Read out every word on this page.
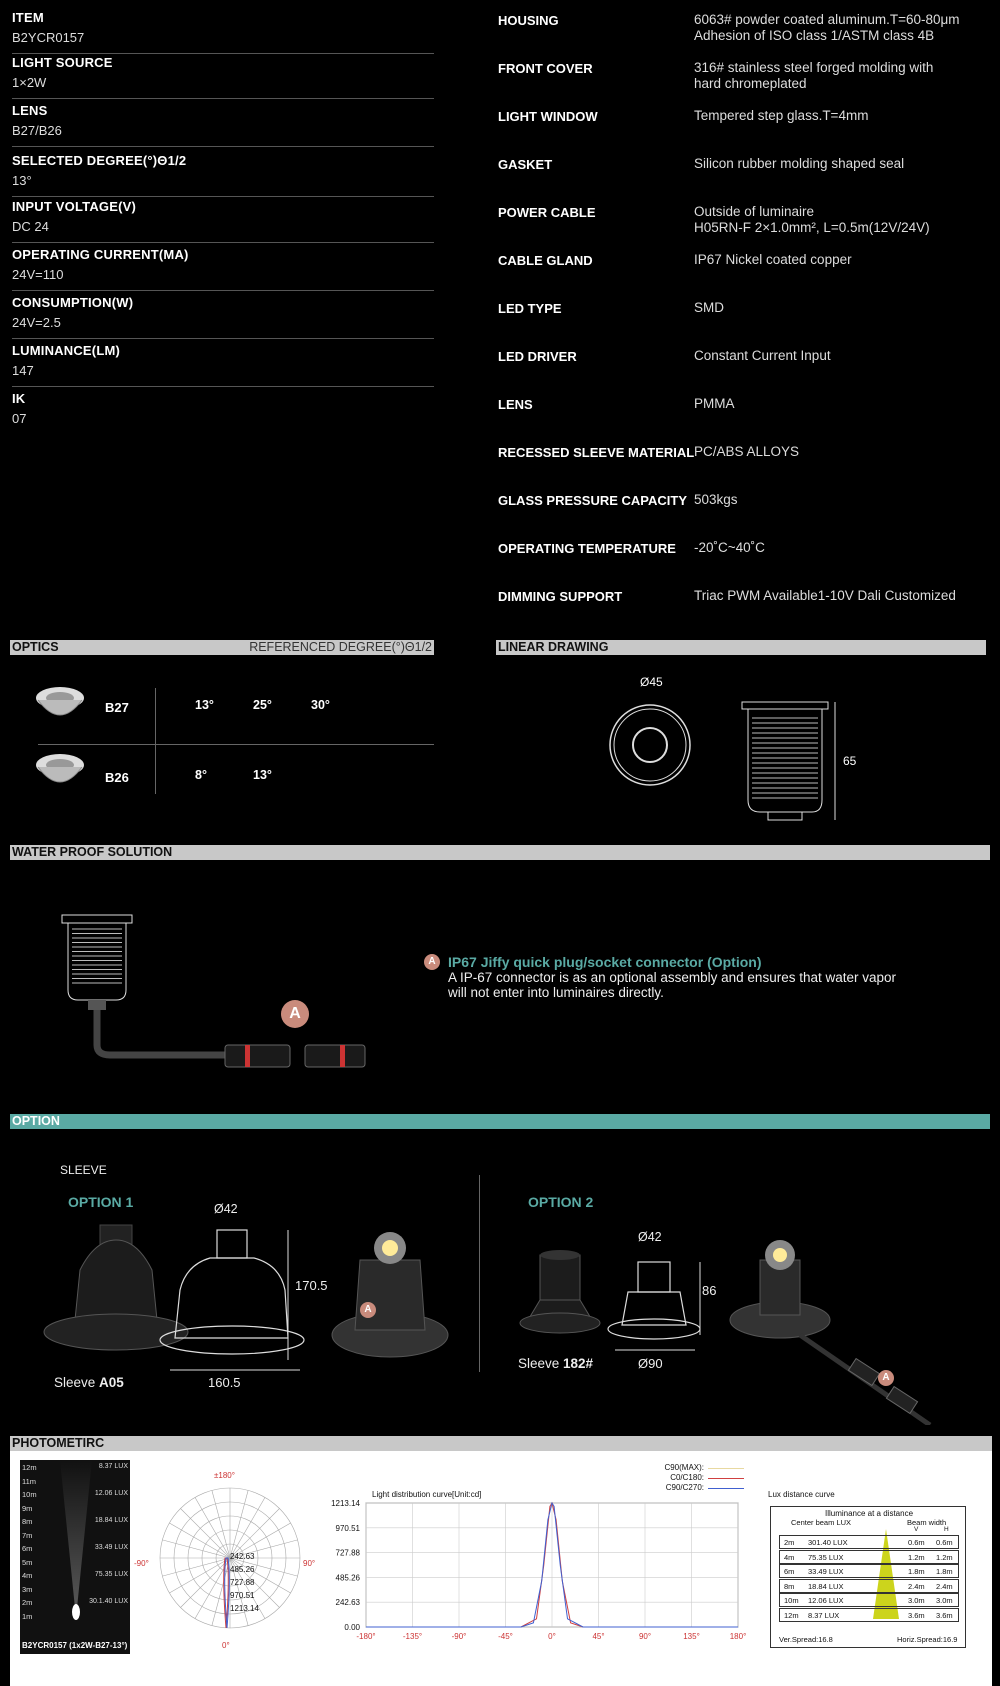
ITEM
B2YCR0157
LIGHT SOURCE
1×2W
LENS
B27/B26
SELECTED DEGREE(°)Θ1/2
13°
INPUT VOLTAGE(V)
DC 24
OPERATING CURRENT(MA)
24V=110
CONSUMPTION(W)
24V=2.5
LUMINANCE(LM)
147
IK
07
HOUSING	6063# powder coated aluminum.T=60-80μm
Adhesion of ISO class 1/ASTM class 4B
FRONT COVER	316# stainless steel forged molding with
hard chromeplated
LIGHT WINDOW	Tempered step glass.T=4mm
GASKET	Silicon rubber molding shaped seal
POWER CABLE	Outside of luminaire
H05RN-F 2×1.0mm², L=0.5m(12V/24V)
CABLE GLAND	IP67 Nickel coated copper
LED TYPE	SMD
LED DRIVER	Constant Current Input
LENS	PMMA
RECESSED SLEEVE MATERIAL PC/ABS ALLOYS
GLASS PRESSURE CAPACITY 503kgs
OPERATING TEMPERATURE -20˚C~40˚C
DIMMING SUPPORT	Triac PWM Available1-10V Dali Customized
OPTICS	REFERENCED DEGREE(°)Θ1/2
B27	13°	25°	30°
B26	8°	13°
LINEAR DRAWING
Ø45
65
WATER PROOF SOLUTION
A
A IP67 Jiffy quick plug/socket connector (Option)
A IP-67 connector is as an optional assembly and ensures that water vapor
will not enter into luminaires directly.
OPTION
SLEEVE
OPTION 1	OPTION 2
Ø42
170.5
160.5
Sleeve A05
A
Ø42
86
Ø90
Sleeve 182#
A
PHOTOMETIRC
12m
11m
10m
9m
8m
7m
6m
5m
4m
3m
2m
1m
8.37 LUX
12.06 LUX
18.84 LUX
33.49 LUX
75.35 LUX
30.1.40 LUX
B2YCR0157 (1x2W-B27-13°)
±180°
-90°	90°
0°
242.63
485.26
727.88
970.51
1213.14
Light distribution curve[Unit:cd]
C90(MAX):
C0/C180:
C90/C270:
-180°	-135°	-90°	-45°	0°	45°	90°	135°	180°
0.00
242.63
485.26
727.88
970.51
1213.14
Lux distance curve
Illuminance at a distance
Center beam LUX	Beam width
V	H
2m 301.40 LUX	0.6m 0.6m
4m 75.35 LUX	1.2m 1.2m
6m 33.49 LUX	1.8m 1.8m
8m 18.84 LUX	2.4m 2.4m
10m 12.06 LUX	3.0m 3.0m
12m 8.37 LUX	3.6m 3.6m
Ver.Spread:16.8	Horiz.Spread:16.9
